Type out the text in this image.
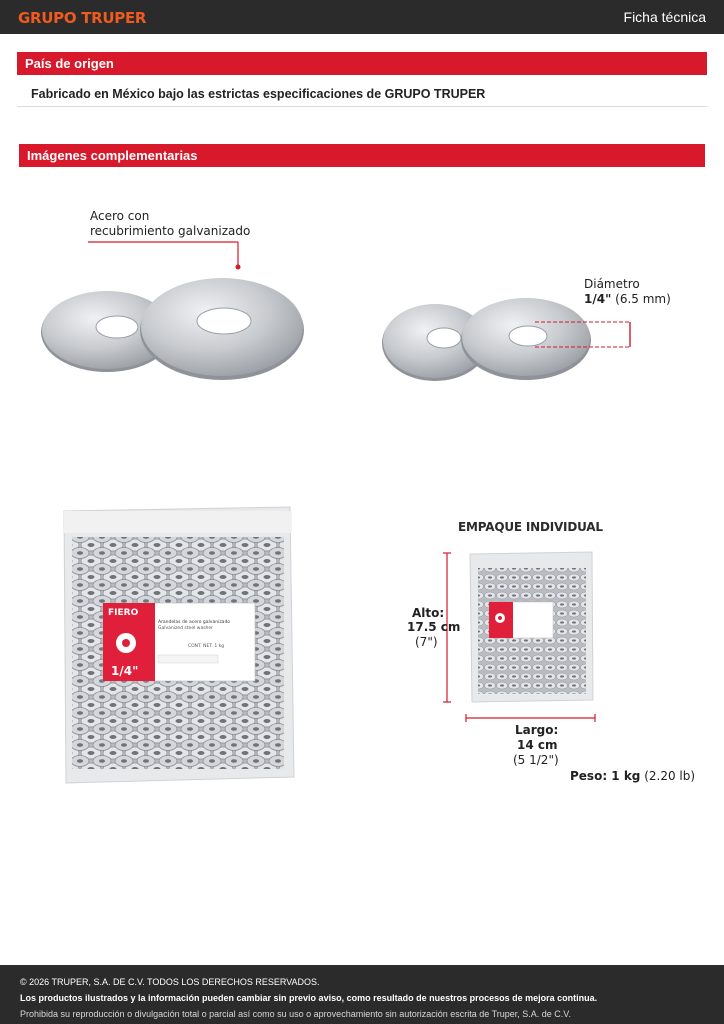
GRUPO TRUPER	Ficha técnica
País de origen
Fabricado en México bajo las estrictas especificaciones de GRUPO TRUPER
Imágenes complementarias
Acero con
recubrimiento galvanizado
Diámetro
1/4" (6.5 mm)
FIERO
1/4"
Arandelas de acero galvanizado
Galvanized steel washer
CONT. NET. 1 kg
EMPAQUE INDIVIDUAL
Alto:
17.5 cm
(7")
Largo:
14 cm
(5 1/2")
Peso: 1 kg (2.20 lb)
© 2026 TRUPER, S.A. DE C.V. TODOS LOS DERECHOS RESERVADOS.
Los productos ilustrados y la información pueden cambiar sin previo aviso, como resultado de nuestros procesos de mejora continua.
Prohibida su reproducción o divulgación total o parcial así como su uso o aprovechamiento sin autorización escrita de Truper, S.A. de C.V.
